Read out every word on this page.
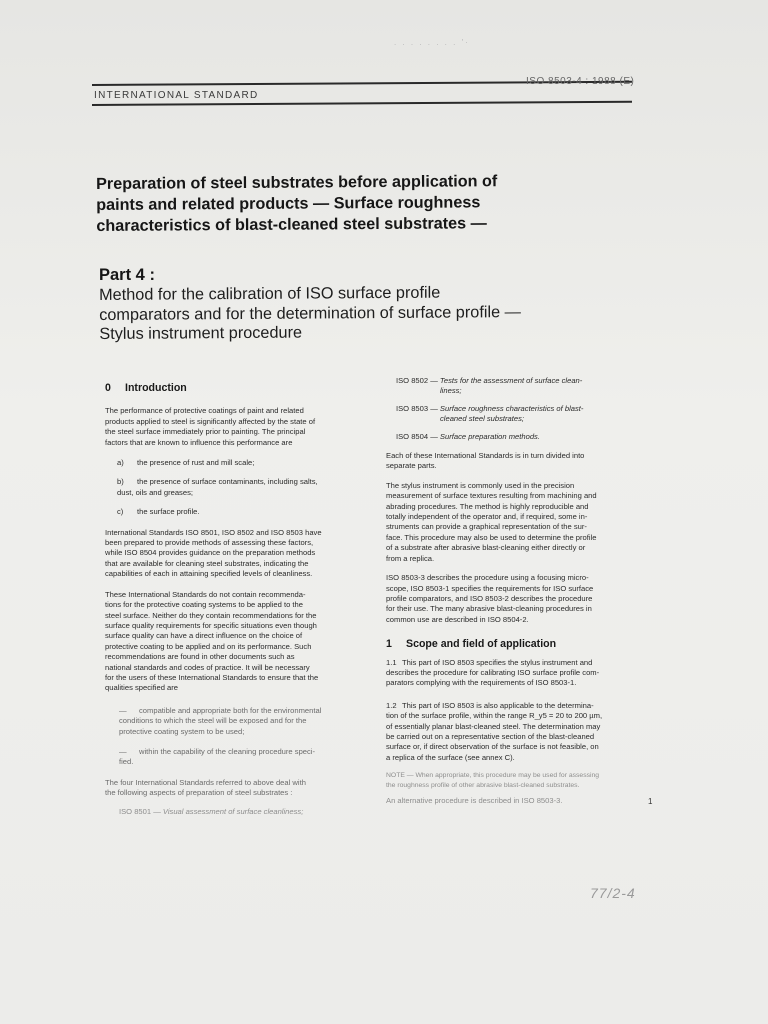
. . . . . . . . '·
INTERNATIONAL STANDARD
ISO 8503-4 : 1988 (E)
Preparation of steel substrates before application of
paints and related products — Surface roughness
characteristics of blast-cleaned steel substrates —
Part 4 :
Method for the calibration of ISO surface profile
comparators and for the determination of surface profile —
Stylus instrument procedure

0 Introduction

The performance of protective coatings of paint and related
products applied to steel is significantly affected by the state of
the steel surface immediately prior to painting. The principal
factors that are known to influence this performance are

a) the presence of rust and mill scale;

b) the presence of surface contaminants, including salts,
dust, oils and greases;

c) the surface profile.

International Standards ISO 8501, ISO 8502 and ISO 8503 have
been prepared to provide methods of assessing these factors,
while ISO 8504 provides guidance on the preparation methods
that are available for cleaning steel substrates, indicating the
capabilities of each in attaining specified levels of cleanliness.

These International Standards do not contain recommenda-
tions for the protective coating systems to be applied to the
steel surface. Neither do they contain recommendations for the
surface quality requirements for specific situations even though
surface quality can have a direct influence on the choice of
protective coating to be applied and on its performance. Such
recommendations are found in other documents such as
national standards and codes of practice. It will be necessary
for the users of these International Standards to ensure that the
qualities specified are

— compatible and appropriate both for the environmental
conditions to which the steel will be exposed and for the
protective coating system to be used;

— within the capability of the cleaning procedure speci-
fied.

The four International Standards referred to above deal with
the following aspects of preparation of steel substrates :

ISO 8501 — Visual assessment of surface cleanliness;

ISO 8502 — Tests for the assessment of surface clean-
liness;

ISO 8503 — Surface roughness characteristics of blast-
cleaned steel substrates;

ISO 8504 — Surface preparation methods.

Each of these International Standards is in turn divided into
separate parts.

The stylus instrument is commonly used in the precision
measurement of surface textures resulting from machining and
abrading procedures. The method is highly reproducible and
totally independent of the operator and, if required, some in-
struments can provide a graphical representation of the sur-
face. This procedure may also be used to determine the profile
of a substrate after abrasive blast-cleaning either directly or
from a replica.

ISO 8503-3 describes the procedure using a focusing micro-
scope, ISO 8503-1 specifies the requirements for ISO surface
profile comparators, and ISO 8503-2 describes the procedure
for their use. The many abrasive blast-cleaning procedures in
common use are described in ISO 8504-2.

1 Scope and field of application

1.1 This part of ISO 8503 specifies the stylus instrument and
describes the procedure for calibrating ISO surface profile com-
parators complying with the requirements of ISO 8503-1.

1.2 This part of ISO 8503 is also applicable to the determina-
tion of the surface profile, within the range R_y5 = 20 to 200 µm,
of essentially planar blast-cleaned steel. The determination may
be carried out on a representative section of the blast-cleaned
surface or, if direct observation of the surface is not feasible, on
a replica of the surface (see annex C).

NOTE — When appropriate, this procedure may be used for assessing
the roughness profile of other abrasive blast-cleaned substrates.

An alternative procedure is described in ISO 8503-3.	1
77/2-4
